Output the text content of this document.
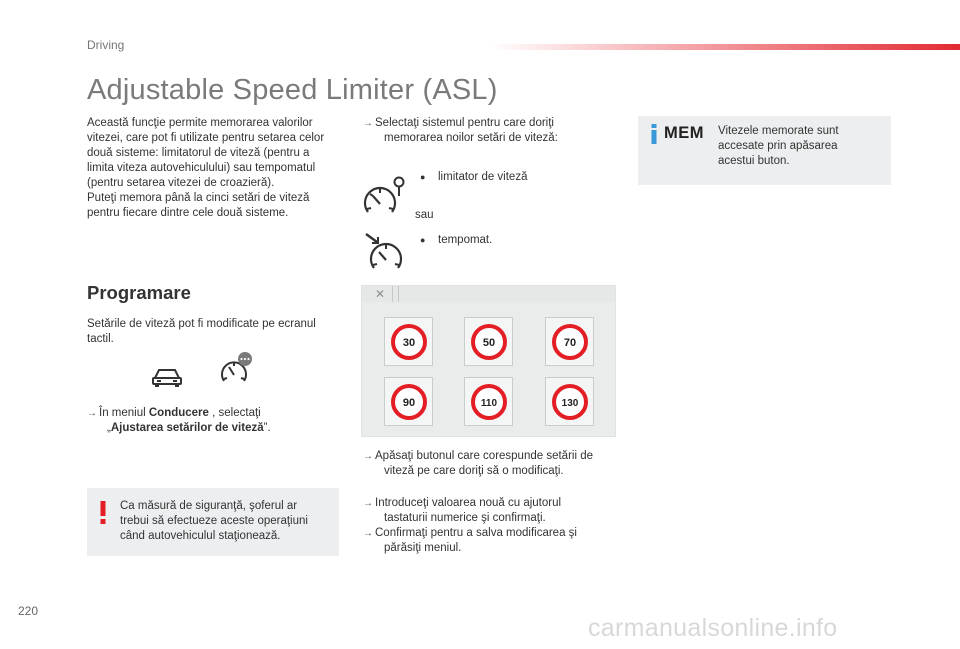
Driving
Adjustable Speed Limiter (ASL)

Această funcţie permite memorarea valorilor

vitezei, care pot fi utilizate pentru setarea celor

două sisteme: limitatorul de viteză (pentru a

limita viteza autovehiculului) sau tempomatul

(pentru setarea vitezei de croazieră).

Puteţi memora până la cinci setări de viteză

pentru fiecare dintre cele două sisteme.

Programare

Setările de viteză pot fi modificate pe ecranul

tactil.

→ În meniul Conducere , selectaţi

„Ajustarea setărilor de viteză”.

Ca măsură de siguranţă, şoferul ar

trebui să efectueze aceste operaţiuni

când autovehiculul staţionează.

→ Selectaţi sistemul pentru care doriţi

memorarea noilor setări de viteză:

● limitator de viteză

sau

● tempomat.

✕
30	50	70
90	110	130

→ Apăsaţi butonul care corespunde setării de

viteză pe care doriţi să o modificaţi.

→ Introduceţi valoarea nouă cu ajutorul

tastaturii numerice şi confirmaţi.

→ Confirmaţi pentru a salva modificarea şi

părăsiţi meniul.

MEM Vitezele memorate sunt

accesate prin apăsarea

acestui buton.

220
carmanualsonline.info
